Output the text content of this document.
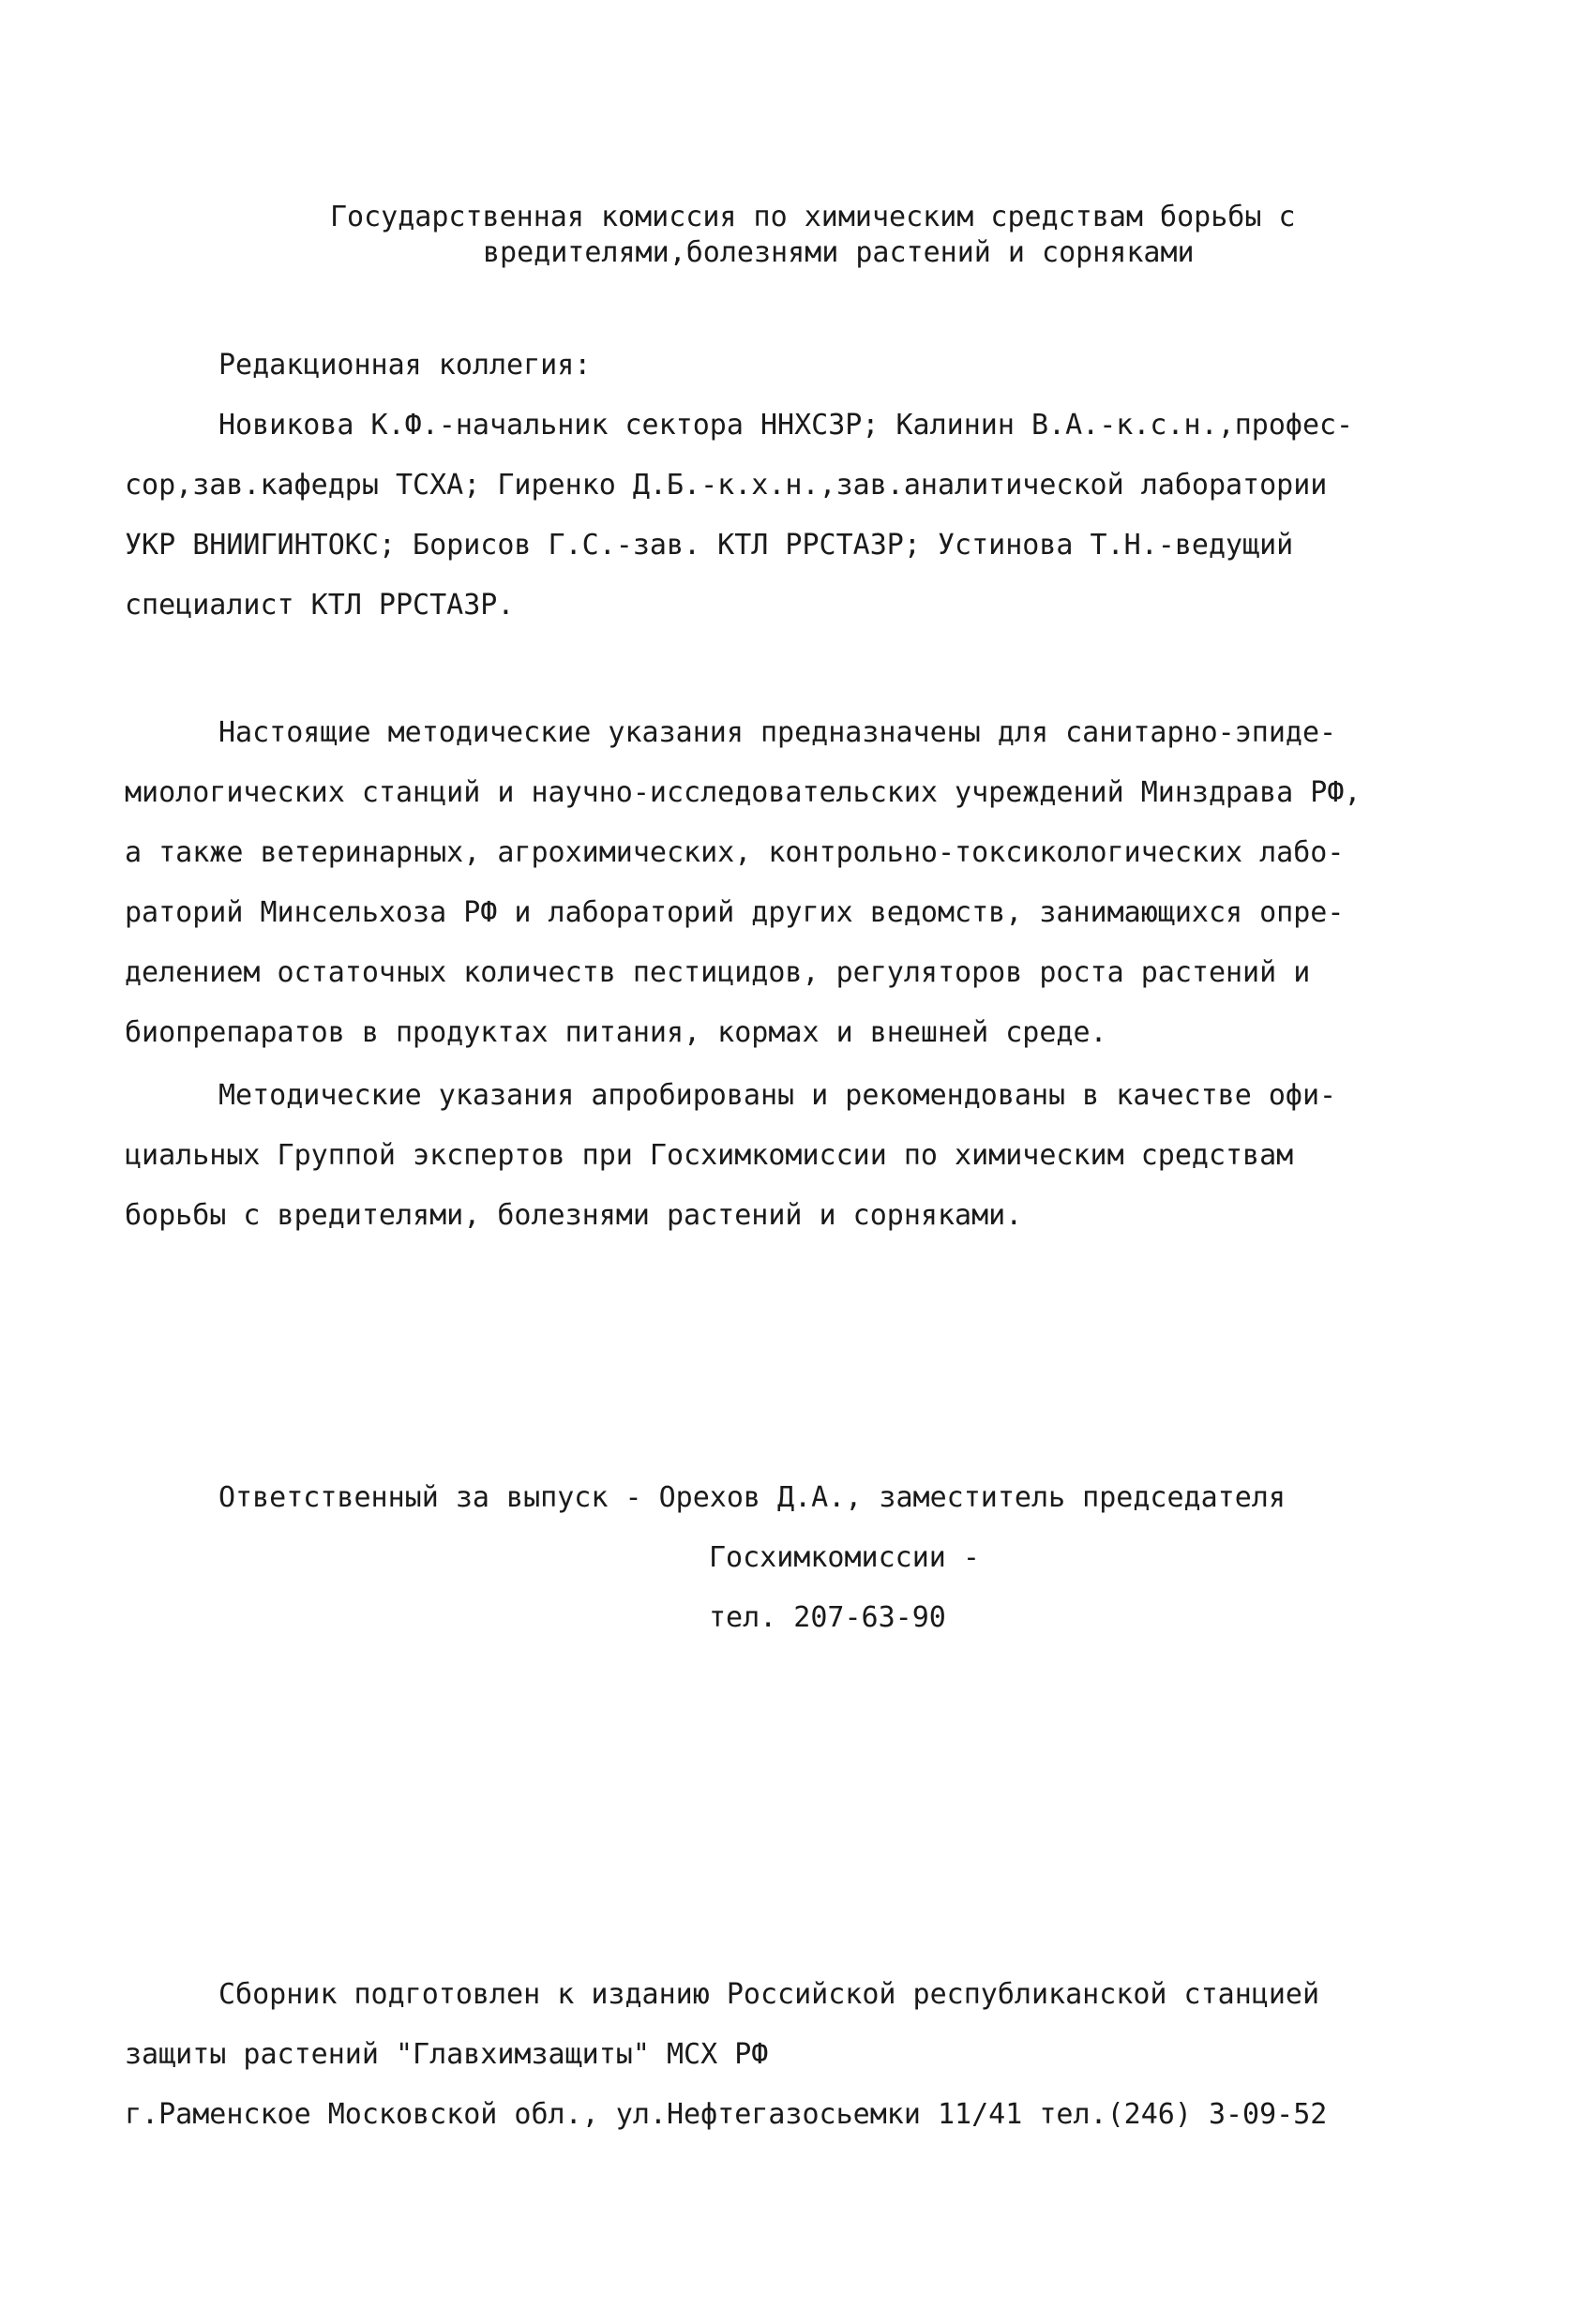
Государственная комиссия по химическим средствам борьбы с
вредителями,болезнями растений и сорняками
Редакционная коллегия:
Новикова К.Ф.-начальник сектора ННХСЗР; Калинин В.А.-к.с.н.,профес-
сор,зав.кафедры ТСХА; Гиренко Д.Б.-к.х.н.,зав.аналитической лаборатории
УКР ВНИИГИНТОКС; Борисов Г.С.-зав. КТЛ РРСТАЗР; Устинова Т.Н.-ведущий
специалист КТЛ РРСТАЗР.
Настоящие методические указания предназначены для санитарно-эпиде-
миологических станций и научно-исследовательских учреждений Минздрава РФ,
а также ветеринарных, агрохимических, контрольно-токсикологических лабо-
раторий Минсельхоза РФ и лабораторий других ведомств, занимающихся опре-
делением остаточных количеств пестицидов, регуляторов роста растений и
биопрепаратов в продуктах питания, кормах и внешней среде.
Методические указания апробированы и рекомендованы в качестве офи-
циальных Группой экспертов при Госхимкомиссии по химическим средствам
борьбы с вредителями, болезнями растений и сорняками.
Ответственный за выпуск - Орехов Д.А., заместитель председателя
Госхимкомиссии -
тел. 207-63-90
Сборник подготовлен к изданию Российской республиканской станцией
защиты растений "Главхимзащиты" МСХ РФ
г.Раменское Московской обл., ул.Нефтегазосьемки 11/41 тел.(246) 3-09-52
